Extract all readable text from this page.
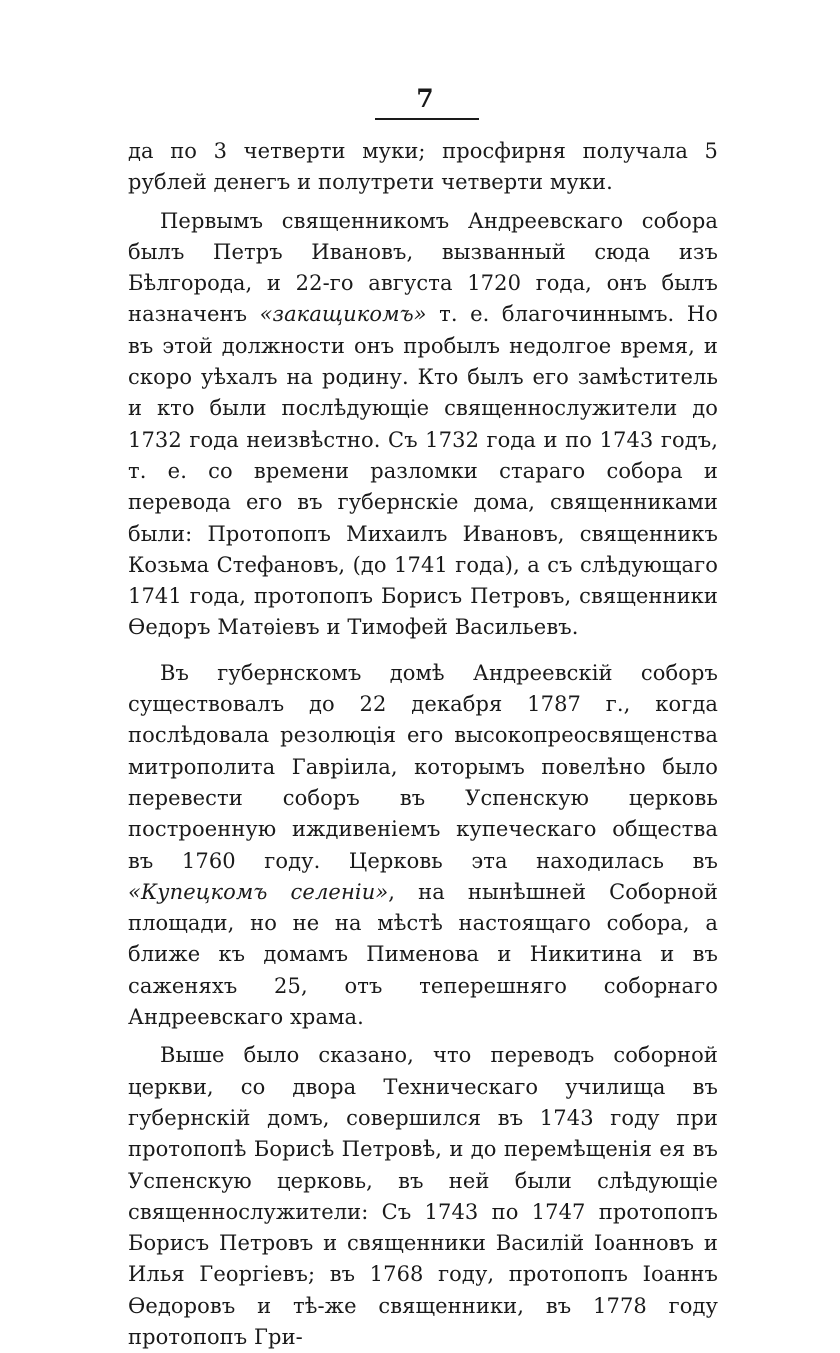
7

да по 3 четверти муки; просфирня получала 5 рублей денегъ и полутрети четверти муки.

Первымъ священникомъ Андреевскаго собора былъ Петръ Ивановъ, вызванный сюда изъ Бѣлгорода, и 22-го августа 1720 года, онъ былъ назначенъ «закащикомъ» т. е. благочиннымъ. Но въ этой должности онъ пробылъ недолгое время, и скоро уѣхалъ на родину. Кто былъ его замѣститель и кто были послѣдующіе священнослужители до 1732 года неизвѣстно. Съ 1732 года и по 1743 годъ, т. е. со времени разломки стараго собора и перевода его въ губернскіе дома, священниками были: Протопопъ Михаилъ Ивановъ, священникъ Козьма Стефановъ, (до 1741 года), а съ слѣдующаго 1741 года, протопопъ Борисъ Петровъ, священники Ѳедоръ Матѳіевъ и Тимофей Васильевъ.

Въ губернскомъ домѣ Андреевскій соборъ существовалъ до 22 декабря 1787 г., когда послѣдовала резолюція его высокопреосвященства митрополита Гавріила, которымъ повелѣно было перевести соборъ въ Успенскую церковь построенную иждивеніемъ купеческаго общества въ 1760 году. Церковь эта находилась въ «Купецкомъ селеніи», на нынѣшней Соборной площади, но не на мѣстѣ настоящаго собора, а ближе къ домамъ Пименова и Никитина и въ саженяхъ 25, отъ теперешняго соборнаго Андреевскаго храма.

Выше было сказано, что переводъ соборной церкви, со двора Техническаго училища въ губернскій домъ, совершился въ 1743 году при протопопѣ Борисѣ Петровѣ, и до перемѣщенія ея въ Успенскую церковь, въ ней были слѣдующіе священнослужители: Съ 1743 по 1747 протопопъ Борисъ Петровъ и священники Василій Іоанновъ и Илья Георгіевъ; въ 1768 году, протопопъ Іоаннъ Ѳедоровъ и тѣ-же священники, въ 1778 году протопопъ Гри-
